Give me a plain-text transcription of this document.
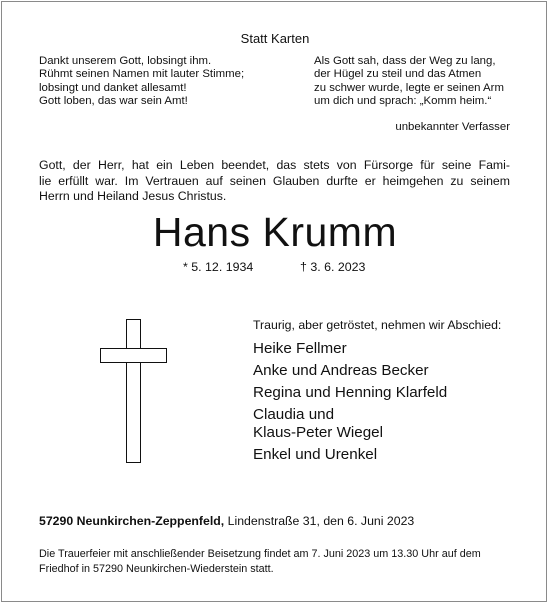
Statt Karten
Dankt unserem Gott, lobsingt ihm.
Rühmt seinen Namen mit lauter Stimme;
lobsingt und danket allesamt!
Gott loben, das war sein Amt!
Als Gott sah, dass der Weg zu lang,
der Hügel zu steil und das Atmen
zu schwer wurde, legte er seinen Arm
um dich und sprach: „Komm heim.“
unbekannter Verfasser
Gott, der Herr, hat ein Leben beendet, das stets von Fürsorge für seine Fami-
lie erfüllt war. Im Vertrauen auf seinen Glauben durfte er heimgehen zu seinem
Herrn und Heiland Jesus Christus.
Hans Krumm
* 5. 12. 1934	† 3. 6. 2023
Traurig, aber getröstet, nehmen wir Abschied:
Heike Fellmer
Anke und Andreas Becker
Regina und Henning Klarfeld
Claudia und
Klaus-Peter Wiegel
Enkel und Urenkel
57290 Neunkirchen-Zeppenfeld, Lindenstraße 31, den 6. Juni 2023
Die Trauerfeier mit anschließender Beisetzung findet am 7. Juni 2023 um 13.30 Uhr auf dem
Friedhof in 57290 Neunkirchen-Wiederstein statt.
